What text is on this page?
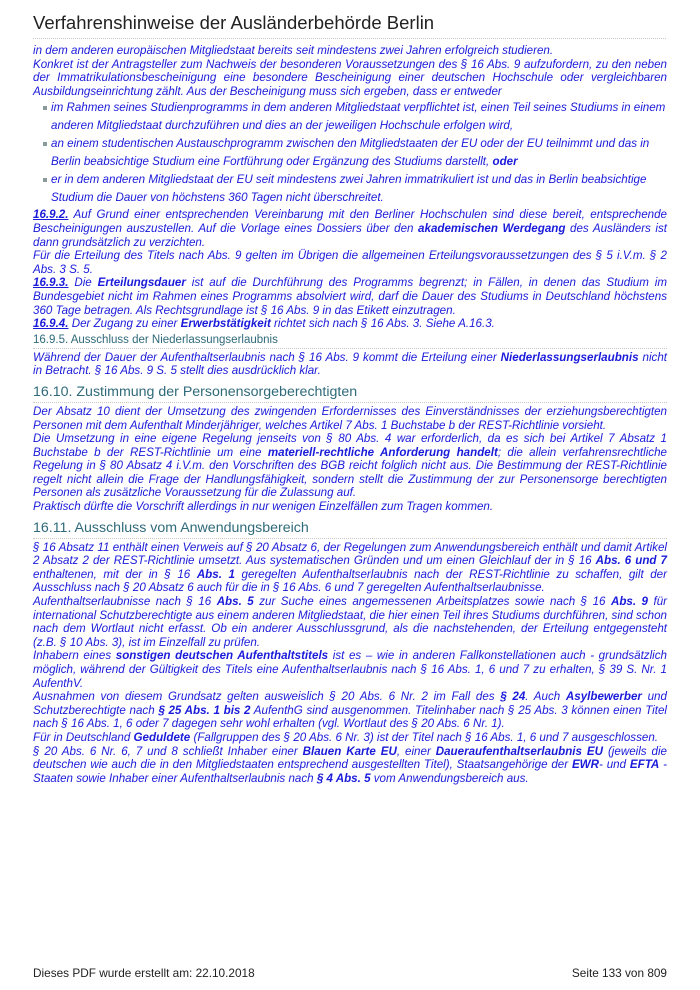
Verfahrenshinweise der Ausländerbehörde Berlin

in dem anderen europäischen Mitgliedstaat bereits seit mindestens zwei Jahren erfolgreich studieren.

Konkret ist der Antragsteller zum Nachweis der besonderen Voraussetzungen des § 16 Abs. 9 aufzufordern, zu den neben der Immatrikulationsbescheinigung eine besondere Bescheinigung einer deutschen Hochschule oder vergleichbaren Ausbildungseinrichtung zählt. Aus der Bescheinigung muss sich ergeben, dass er entweder

im Rahmen seines Studienprogramms in dem anderen Mitgliedstaat verpflichtet ist, einen Teil seines Studiums in einem anderen Mitgliedstaat durchzuführen und dies an der jeweiligen Hochschule erfolgen wird,
an einem studentischen Austauschprogramm zwischen den Mitgliedstaaten der EU oder der EU teilnimmt und das in Berlin beabsichtige Studium eine Fortführung oder Ergänzung des Studiums darstellt, oder
er in dem anderen Mitgliedstaat der EU seit mindestens zwei Jahren immatrikuliert ist und das in Berlin beabsichtige Studium die Dauer von höchstens 360 Tagen nicht überschreitet.

16.9.2. Auf Grund einer entsprechenden Vereinbarung mit den Berliner Hochschulen sind diese bereit, entsprechende Bescheinigungen auszustellen. Auf die Vorlage eines Dossiers über den akademischen Werdegang des Ausländers ist dann grundsätzlich zu verzichten.

Für die Erteilung des Titels nach Abs. 9 gelten im Übrigen die allgemeinen Erteilungsvoraussetzungen des § 5 i.V.m. § 2 Abs. 3 S. 5.

16.9.3. Die Erteilungsdauer ist auf die Durchführung des Programms begrenzt; in Fällen, in denen das Studium im Bundesgebiet nicht im Rahmen eines Programms absolviert wird, darf die Dauer des Studiums in Deutschland höchstens 360 Tage betragen. Als Rechtsgrundlage ist § 16 Abs. 9 in das Etikett einzutragen.

16.9.4. Der Zugang zu einer Erwerbstätigkeit richtet sich nach § 16 Abs. 3. Siehe A.16.3.

16.9.5. Ausschluss der Niederlassungserlaubnis

Während der Dauer der Aufenthaltserlaubnis nach § 16 Abs. 9 kommt die Erteilung einer Niederlassungserlaubnis nicht in Betracht. § 16 Abs. 9 S. 5 stellt dies ausdrücklich klar.

16.10. Zustimmung der Personensorgeberechtigten

Der Absatz 10 dient der Umsetzung des zwingenden Erfordernisses des Einverständnisses der erziehungsberechtigten Personen mit dem Aufenthalt Minderjähriger, welches Artikel 7 Abs. 1 Buchstabe b der REST-Richtlinie vorsieht.

Die Umsetzung in eine eigene Regelung jenseits von § 80 Abs. 4 war erforderlich, da es sich bei Artikel 7 Absatz 1 Buchstabe b der REST-Richtlinie um eine materiell-rechtliche Anforderung handelt; die allein verfahrensrechtliche Regelung in § 80 Absatz 4 i.V.m. den Vorschriften des BGB reicht folglich nicht aus. Die Bestimmung der REST-Richtlinie regelt nicht allein die Frage der Handlungsfähigkeit, sondern stellt die Zustimmung der zur Personensorge berechtigten Personen als zusätzliche Voraussetzung für die Zulassung auf.

Praktisch dürfte die Vorschrift allerdings in nur wenigen Einzelfällen zum Tragen kommen.

16.11. Ausschluss vom Anwendungsbereich

§ 16 Absatz 11 enthält einen Verweis auf § 20 Absatz 6, der Regelungen zum Anwendungsbereich enthält und damit Artikel 2 Absatz 2 der REST-Richtlinie umsetzt. Aus systematischen Gründen und um einen Gleichlauf der in § 16 Abs. 6 und 7 enthaltenen, mit der in § 16 Abs. 1 geregelten Aufenthaltserlaubnis nach der REST-Richtlinie zu schaffen, gilt der Ausschluss nach § 20 Absatz 6 auch für die in § 16 Abs. 6 und 7 geregelten Aufenthaltserlaubnisse.

Aufenthaltserlaubnisse nach § 16 Abs. 5 zur Suche eines angemessenen Arbeitsplatzes sowie nach § 16 Abs. 9 für international Schutzberechtigte aus einem anderen Mitgliedstaat, die hier einen Teil ihres Studiums durchführen, sind schon nach dem Wortlaut nicht erfasst. Ob ein anderer Ausschlussgrund, als die nachstehenden, der Erteilung entgegensteht (z.B. § 10 Abs. 3), ist im Einzelfall zu prüfen.

Inhabern eines sonstigen deutschen Aufenthaltstitels ist es – wie in anderen Fallkonstellationen auch - grundsätzlich möglich, während der Gültigkeit des Titels eine Aufenthaltserlaubnis nach § 16 Abs. 1, 6 und 7 zu erhalten, § 39 S. Nr. 1 AufenthV.

Ausnahmen von diesem Grundsatz gelten ausweislich § 20 Abs. 6 Nr. 2 im Fall des § 24. Auch Asylbewerber und Schutzberechtigte nach § 25 Abs. 1 bis 2 AufenthG sind ausgenommen. Titelinhaber nach § 25 Abs. 3 können einen Titel nach § 16 Abs. 1, 6 oder 7 dagegen sehr wohl erhalten (vgl. Wortlaut des § 20 Abs. 6 Nr. 1).

Für in Deutschland Geduldete (Fallgruppen des § 20 Abs. 6 Nr. 3) ist der Titel nach § 16 Abs. 1, 6 und 7 ausgeschlossen.

§ 20 Abs. 6 Nr. 6, 7 und 8 schließt Inhaber einer Blauen Karte EU, einer Daueraufenthaltserlaubnis EU (jeweils die deutschen wie auch die in den Mitgliedstaaten entsprechend ausgestellten Titel), Staatsangehörige der EWR- und EFTA -Staaten sowie Inhaber einer Aufenthaltserlaubnis nach § 4 Abs. 5 vom Anwendungsbereich aus.

Dieses PDF wurde erstellt am: 22.10.2018	Seite 133 von 809
